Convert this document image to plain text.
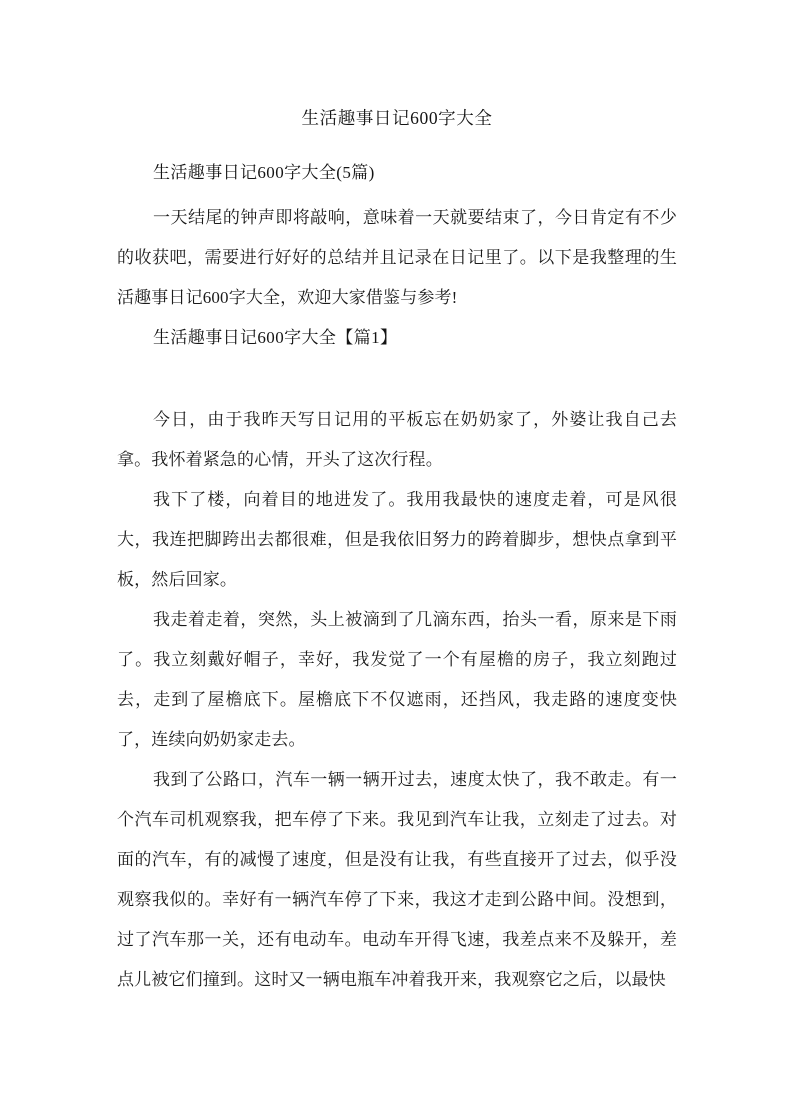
生活趣事日记600字大全

生活趣事日记600字大全(5篇)

一天结尾的钟声即将敲响，意味着一天就要结束了，今日肯定有不少的收获吧，需要进行好好的总结并且记录在日记里了。以下是我整理的生活趣事日记600字大全，欢迎大家借鉴与参考!

生活趣事日记600字大全【篇1】

今日，由于我昨天写日记用的平板忘在奶奶家了，外婆让我自己去拿。我怀着紧急的心情，开头了这次行程。

我下了楼，向着目的地进发了。我用我最快的速度走着，可是风很大，我连把脚跨出去都很难，但是我依旧努力的跨着脚步，想快点拿到平板，然后回家。

我走着走着，突然，头上被滴到了几滴东西，抬头一看，原来是下雨了。我立刻戴好帽子，幸好，我发觉了一个有屋檐的房子，我立刻跑过去，走到了屋檐底下。屋檐底下不仅遮雨，还挡风，我走路的速度变快了，连续向奶奶家走去。

我到了公路口，汽车一辆一辆开过去，速度太快了，我不敢走。有一个汽车司机观察我，把车停了下来。我见到汽车让我，立刻走了过去。对面的汽车，有的减慢了速度，但是没有让我，有些直接开了过去，似乎没观察我似的。幸好有一辆汽车停了下来，我这才走到公路中间。没想到，过了汽车那一关，还有电动车。电动车开得飞速，我差点来不及躲开，差点儿被它们撞到。这时又一辆电瓶车冲着我开来，我观察它之后，以最快
